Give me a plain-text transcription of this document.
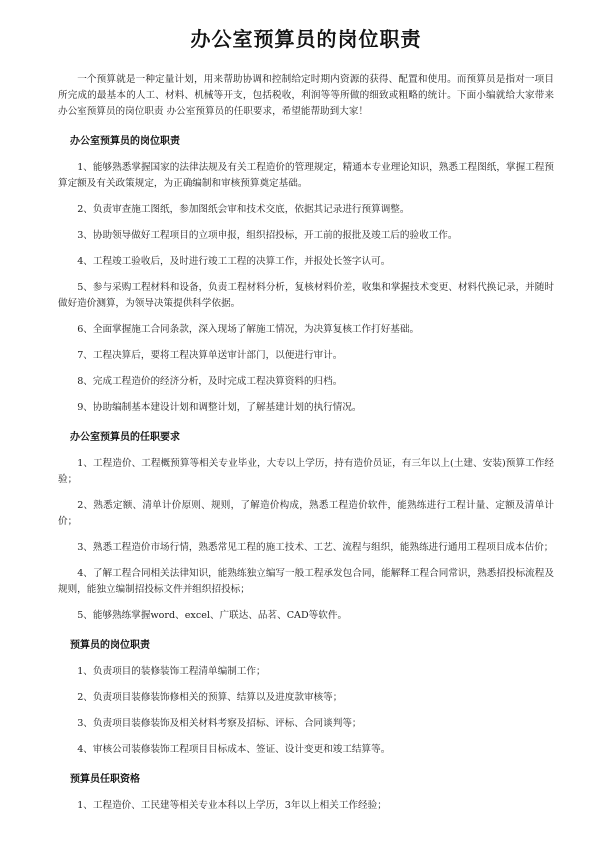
办公室预算员的岗位职责

一个预算就是一种定量计划，用来帮助协调和控制给定时期内资源的获得、配置和使用。而预算员是指对一项目所完成的最基本的人工、材料、机械等开支，包括税收，利润等等所做的细致或粗略的统计。下面小编就给大家带来办公室预算员的岗位职责 办公室预算员的任职要求，希望能帮助到大家！

办公室预算员的岗位职责

1、能够熟悉掌握国家的法律法规及有关工程造价的管理规定，精通本专业理论知识，熟悉工程图纸，掌握工程预算定额及有关政策规定，为正确编制和审核预算奠定基础。

2、负责审查施工图纸，参加图纸会审和技术交底，依据其记录进行预算调整。

3、协助领导做好工程项目的立项申报，组织招投标，开工前的报批及竣工后的验收工作。

4、工程竣工验收后，及时进行竣工工程的决算工作，并报处长签字认可。

5、参与采购工程材料和设备，负责工程材料分析，复核材料价差，收集和掌握技术变更、材料代换记录，并随时做好造价测算，为领导决策提供科学依据。

6、全面掌握施工合同条款，深入现场了解施工情况，为决算复核工作打好基础。

7、工程决算后，要将工程决算单送审计部门，以便进行审计。

8、完成工程造价的经济分析，及时完成工程决算资料的归档。

9、协助编制基本建设计划和调整计划，了解基建计划的执行情况。

办公室预算员的任职要求

1、工程造价、工程概预算等相关专业毕业，大专以上学历，持有造价员证，有三年以上(土建、安装)预算工作经验；

2、熟悉定额、清单计价原则、规则，了解造价构成，熟悉工程造价软件，能熟练进行工程计量、定额及清单计价；

3、熟悉工程造价市场行情，熟悉常见工程的施工技术、工艺、流程与组织，能熟练进行通用工程项目成本估价；

4、了解工程合同相关法律知识，能熟练独立编写一般工程承发包合同，能解释工程合同常识，熟悉招投标流程及规则，能独立编制招投标文件并组织招投标；

5、能够熟练掌握word、excel、广联达、品茗、CAD等软件。

预算员的岗位职责

1、负责项目的装修装饰工程清单编制工作；

2、负责项目装修装饰修相关的预算、结算以及进度款审核等；

3、负责项目装修装饰及相关材料考察及招标、评标、合同谈判等；

4、审核公司装修装饰工程项目目标成本、签证、设计变更和竣工结算等。

预算员任职资格

1、工程造价、工民建等相关专业本科以上学历，3年以上相关工作经验；
